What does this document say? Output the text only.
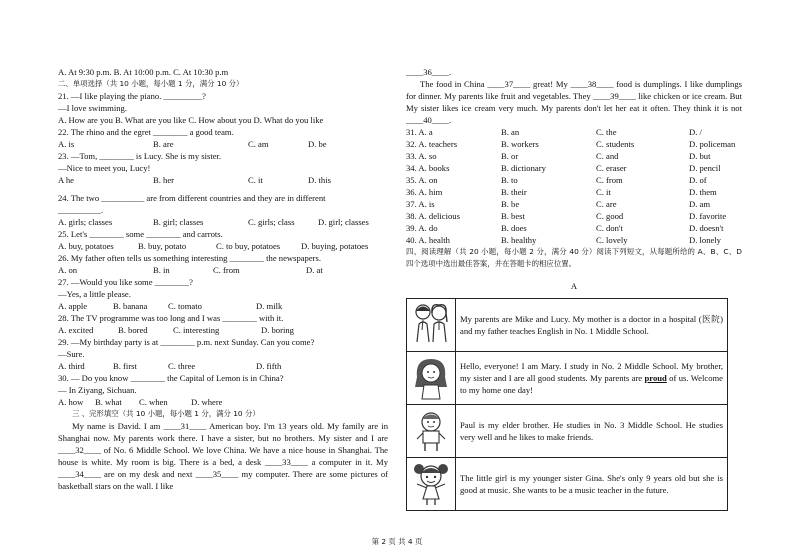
A. At 9:30 p.m. B. At 10:00 p.m. C. At 10:30 p.m
二、单项选择（共 10 小题，每小题 1 分，满分 10 分）
21. —I like playing the piano. _________?
—I love swimming.
A. How are you B. What are you like C. How about you D. What do you like
22. The rhino and the egret ________ a good team.
A. is	B. are	C. am	D. be
23. —Tom, ________ is Lucy. She is my sister.
—Nice to meet you, Lucy!
A he	B. her	C. it	D. this
24. The two __________ are from different countries and they are in different
__________.
A. girls; classes	B. girl; classes	C. girls; class	D. girl; classes
25. Let's ________ some ________ and carrots.
A. buy, potatoes	B. buy, potato	C. to buy, potatoes	D. buying, potatoes
26. My father often tells us something interesting ________ the newspapers.
A. on	B. in	C. from	D. at
27. —Would you like some ________?
—Yes, a little please.
A. apple	B. banana	C. tomato	D. milk
28. The TV programme was too long and I was ________ with it.
A. excited	B. bored	C. interesting	D. boring
29. —My birthday party is at ________ p.m. next Sunday. Can you come?
—Sure.
A. third	B. first	C. three	D. fifth
30. — Do you know ________ the Capital of Lemon is in China?
— In Ziyang, Sichuan.
A. how	B. what	C. when	D. where
三 、完形填空（共 10 小题，每小题 1 分，满分 10 分）
My name is David. I am ____31____ American boy. I'm 13 years old. My family are in Shanghai now. My parents work there. I have a sister, but no brothers. My sister and I are ____32____ of No. 6 Middle School. We love China. We have a nice house in Shanghai. The house is white. My room is big. There is a bed, a desk ____33____ a computer in it. My ____34____ are on my desk and next ____35____ my computer. There are some pictures of basketball stars on the wall. I like
____36____.
The food in China ____37____ great! My ____38____ food is dumplings. I like dumplings for dinner. My parents like fruit and vegetables. They ____39____ like chicken or ice cream. But My sister likes ice cream very much. My parents don't let her eat it often. They think it is not ____40____.
31. A. a	B. an	C. the	D. /
32. A. teachers	B. workers	C. students	D. policeman
33. A. so	B. or	C. and	D. but
34. A. books	B. dictionary	C. eraser	D. pencil
35. A. on	B. to	C. from	D. of
36. A. him	B. their	C. it	D. them
37. A. is	B. be	C. are	D. am
38. A. delicious	B. best	C. good	D. favorite
39. A. do	B. does	C. don't	D. doesn't
40. A. health	B. healthy	C. lovely	D. lonely
四、阅读理解（共 20 小题，每小题 2 分，满分 40 分）阅读下列短文，从每题所给的 A、B、C、D 四个选项中选出最佳答案，并在答题卡的相应位置。
A
	My parents are Mike and Lucy. My mother is a doctor in a hospital (医院) and my father teaches English in No. 1 Middle School.
	Hello, everyone! I am Mary. I study in No. 2 Middle School. My brother, my sister and I are all good students. My parents are proud of us. Welcome to my home one day!
	Paul is my elder brother. He studies in No. 3 Middle School. He studies very well and he likes to make friends.
	The little girl is my younger sister Gina. She's only 9 years old but she is good at music. She wants to be a music teacher in the future.
第 2 页 共 4 页
